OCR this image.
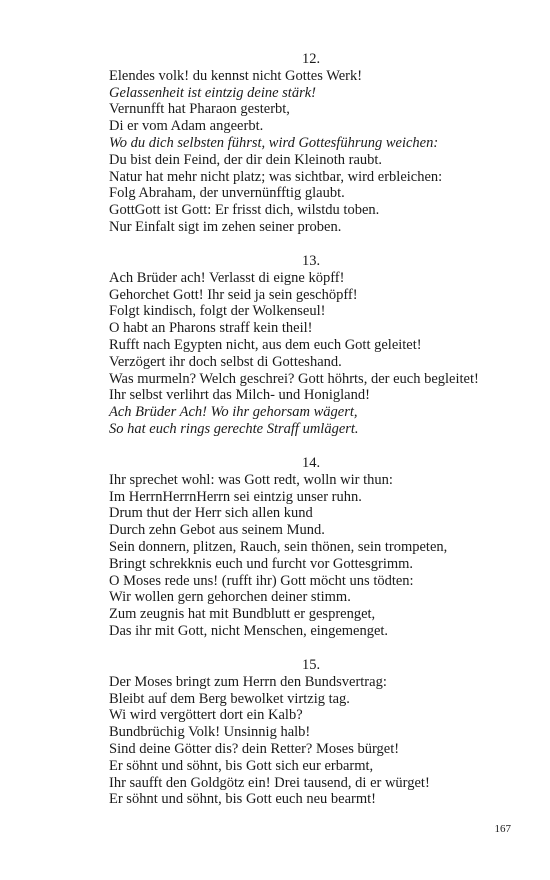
12.
Elendes volk! du kennst nicht Gottes Werk!
Gelassenheit ist eintzig deine stärk!
Vernunfft hat Pharaon gesterbt,
Di er vom Adam angeerbt.
Wo du dich selbsten führst, wird Gottesführung weichen:
Du bist dein Feind, der dir dein Kleinoth raubt.
Natur hat mehr nicht platz; was sichtbar, wird erbleichen:
Folg Abraham, der unvernünfftig glaubt.
GottGott ist Gott: Er frisst dich, wilstdu toben.
Nur Einfalt sigt im zehen seiner proben.
13.
Ach Brüder ach! Verlasst di eigne köpff!
Gehorchet Gott! Ihr seid ja sein geschöpff!
Folgt kindisch, folgt der Wolkenseul!
O habt an Pharons straff kein theil!
Rufft nach Egypten nicht, aus dem euch Gott geleitet!
Verzögert ihr doch selbst di Gotteshand.
Was murmeln? Welch geschrei? Gott höhrts, der euch begleitet!
Ihr selbst verlihrt das Milch- und Honigland!
Ach Brüder Ach! Wo ihr gehorsam wägert,
So hat euch rings gerechte Straff umlägert.
14.
Ihr sprechet wohl: was Gott redt, wolln wir thun:
Im HerrnHerrnHerrn sei eintzig unser ruhn.
Drum thut der Herr sich allen kund
Durch zehn Gebot aus seinem Mund.
Sein donnern, plitzen, Rauch, sein thönen, sein trompeten,
Bringt schrekknis euch und furcht vor Gottesgrimm.
O Moses rede uns! (rufft ihr) Gott möcht uns tödten:
Wir wollen gern gehorchen deiner stimm.
Zum zeugnis hat mit Bundblutt er gesprenget,
Das ihr mit Gott, nicht Menschen, eingemenget.
15.
Der Moses bringt zum Herrn den Bundsvertrag:
Bleibt auf dem Berg bewolket virtzig tag.
Wi wird vergöttert dort ein Kalb?
Bundbrüchig Volk! Unsinnig halb!
Sind deine Götter dis? dein Retter? Moses bürget!
Er söhnt und söhnt, bis Gott sich eur erbarmt,
Ihr saufft den Goldgötz ein! Drei tausend, di er würget!
Er söhnt und söhnt, bis Gott euch neu bearmt!
167
